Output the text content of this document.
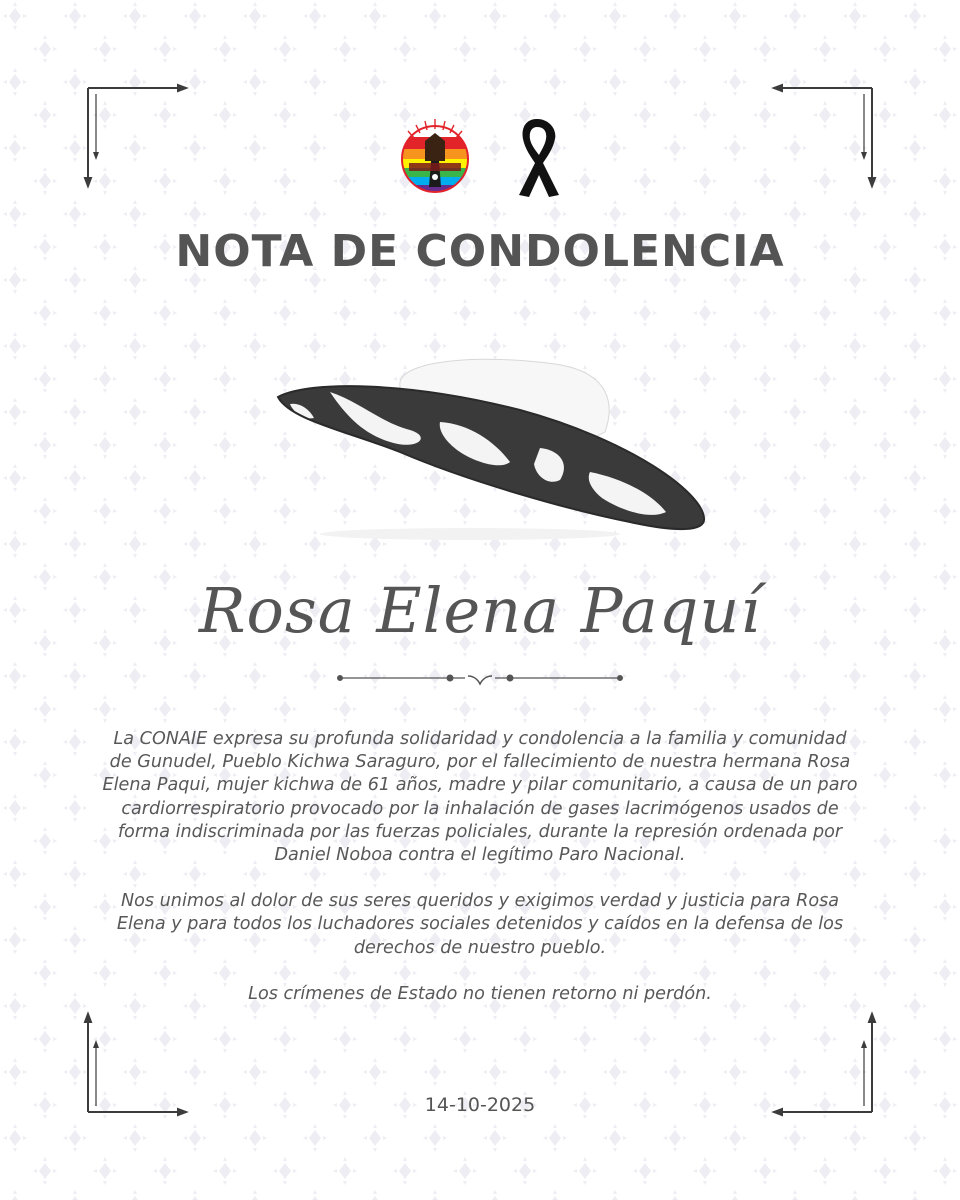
NOTA DE CONDOLENCIA
Rosa Elena Paquí

La CONAIE expresa su profunda solidaridad y condolencia a la familia y comunidad de Gunudel, Pueblo Kichwa Saraguro, por el fallecimiento de nuestra hermana Rosa Elena Paqui, mujer kichwa de 61 años, madre y pilar comunitario, a causa de un paro cardiorrespiratorio provocado por la inhalación de gases lacrimógenos usados de forma indiscriminada por las fuerzas policiales, durante la represión ordenada por Daniel Noboa contra el legítimo Paro Nacional.

Nos unimos al dolor de sus seres queridos y exigimos verdad y justicia para Rosa Elena y para todos los luchadores sociales detenidos y caídos en la defensa de los derechos de nuestro pueblo.

Los crímenes de Estado no tienen retorno ni perdón.

14-10-2025
